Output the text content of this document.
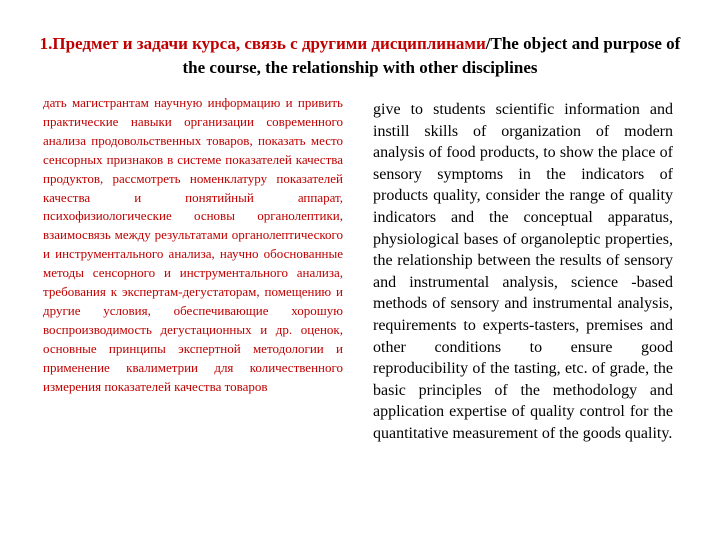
1.Предмет и задачи курса, связь с другими дисциплинами/The object and purpose of the course, the relationship with other disciplines
дать магистрантам научную информацию и привить практические навыки организации современного анализа продовольственных товаров, показать место сенсорных признаков в системе показателей качества продуктов, рассмотреть номенклатуру показателей качества и понятийный аппарат, психофизиологические основы органолептики, взаимосвязь между результатами органолептического и инструментального анализа, научно обоснованные методы сенсорного и инструментального анализа, требования к экспертам-дегустаторам, помещению и другие условия, обеспечивающие хорошую воспроизводимость дегустационных и др. оценок, основные принципы экспертной методологии и применение квалиметрии для количественного измерения показателей качества товаров
give to students scientific information and instill skills of organization of modern analysis of food products, to show the place of sensory symptoms in the indicators of products quality, consider the range of quality indicators and the conceptual apparatus, physiological bases of organoleptic properties, the relationship between the results of sensory and instrumental analysis, science -based methods of sensory and instrumental analysis, requirements to experts-tasters, premises and other conditions to ensure good reproducibility of the tasting, etc. of grade, the basic principles of the methodology and application expertise of quality control for the quantitative measurement of the goods quality.
